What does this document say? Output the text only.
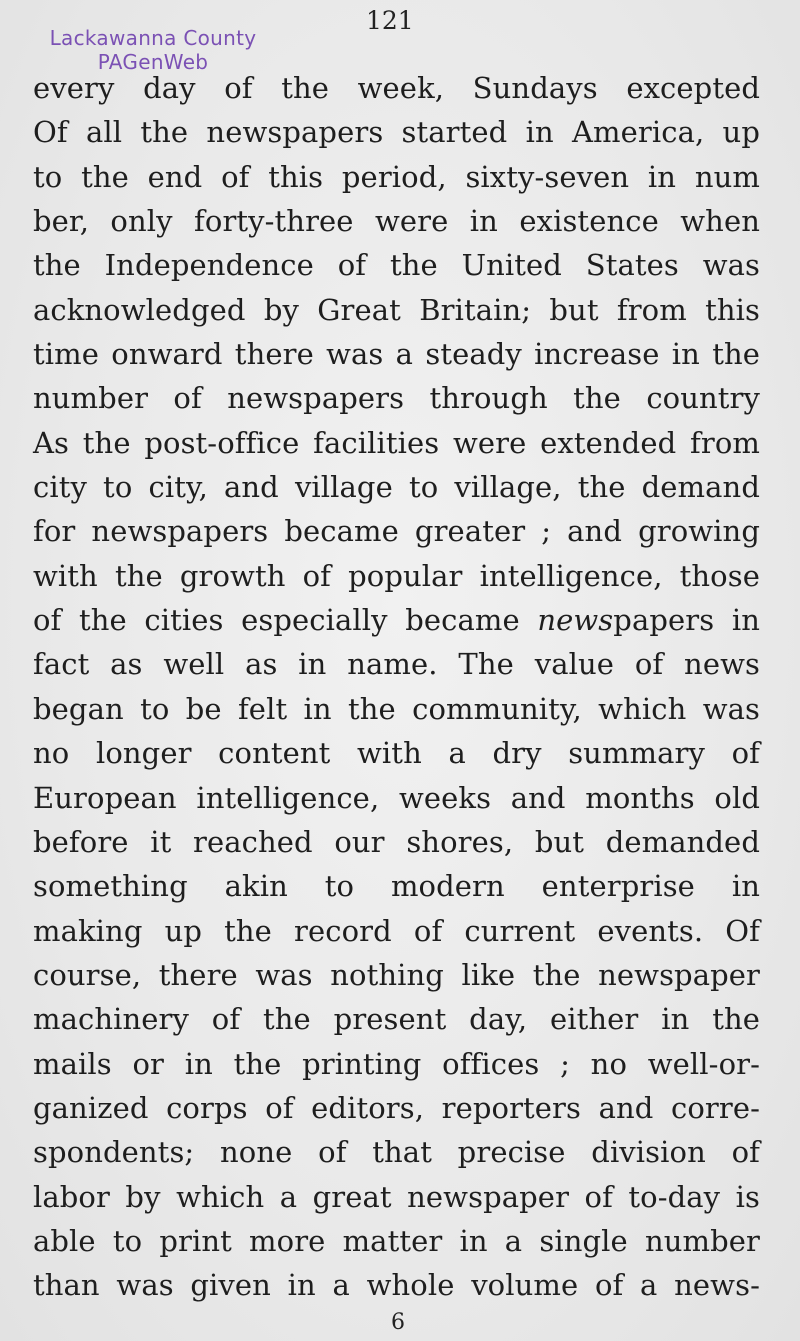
Lackawanna County
PAGenWeb
121
every day of the week, Sundays excepted
Of all the newspapers started in America, up
to the end of this period, sixty-seven in num
ber, only forty-three were in existence when
the Independence of the United States was
acknowledged by Great Britain; but from this
time onward there was a steady increase in the
number of newspapers through the country
As the post-office facilities were extended from
city to city, and village to village, the demand
for newspapers became greater ; and growing
with the growth of popular intelligence, those
of the cities especially became newspapers in
fact as well as in name. The value of news
began to be felt in the community, which was
no longer content with a dry summary of
European intelligence, weeks and months old
before it reached our shores, but demanded
something akin to modern enterprise in
making up the record of current events. Of
course, there was nothing like the newspaper
machinery of the present day, either in the
mails or in the printing offices ; no well-or-
ganized corps of editors, reporters and corre-
spondents; none of that precise division of
labor by which a great newspaper of to-day is
able to print more matter in a single number
than was given in a whole volume of a news-
6
